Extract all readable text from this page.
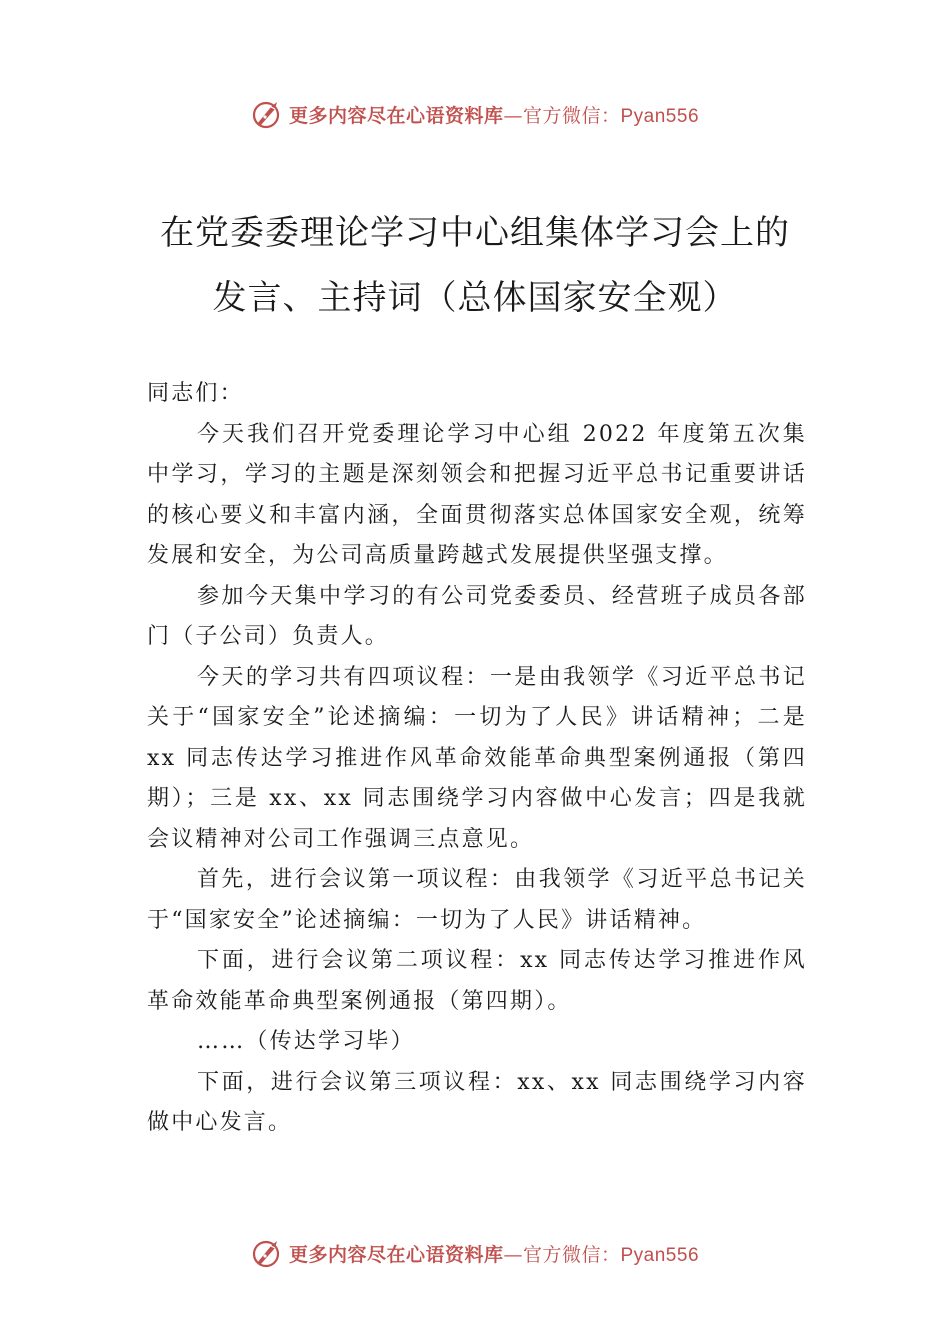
更多内容尽在心语资料库—官方微信：Pyan556
在党委委理论学习中心组集体学习会上的
发言、主持词（总体国家安全观）

同志们：

今天我们召开党委理论学习中心组 2022 年度第五次集中学习，学习的主题是深刻领会和把握习近平总书记重要讲话的核心要义和丰富内涵，全面贯彻落实总体国家安全观，统筹发展和安全，为公司高质量跨越式发展提供坚强支撑。

参加今天集中学习的有公司党委委员、经营班子成员各部门（子公司）负责人。

今天的学习共有四项议程：一是由我领学《习近平总书记关于“国家安全”论述摘编：一切为了人民》讲话精神；二是 xx 同志传达学习推进作风革命效能革命典型案例通报（第四期）；三是 xx、xx 同志围绕学习内容做中心发言；四是我就会议精神对公司工作强调三点意见。

首先，进行会议第一项议程：由我领学《习近平总书记关于“国家安全”论述摘编：一切为了人民》讲话精神。

下面，进行会议第二项议程：xx 同志传达学习推进作风革命效能革命典型案例通报（第四期）。

……（传达学习毕）

下面，进行会议第三项议程：xx、xx 同志围绕学习内容做中心发言。

更多内容尽在心语资料库—官方微信：Pyan556
